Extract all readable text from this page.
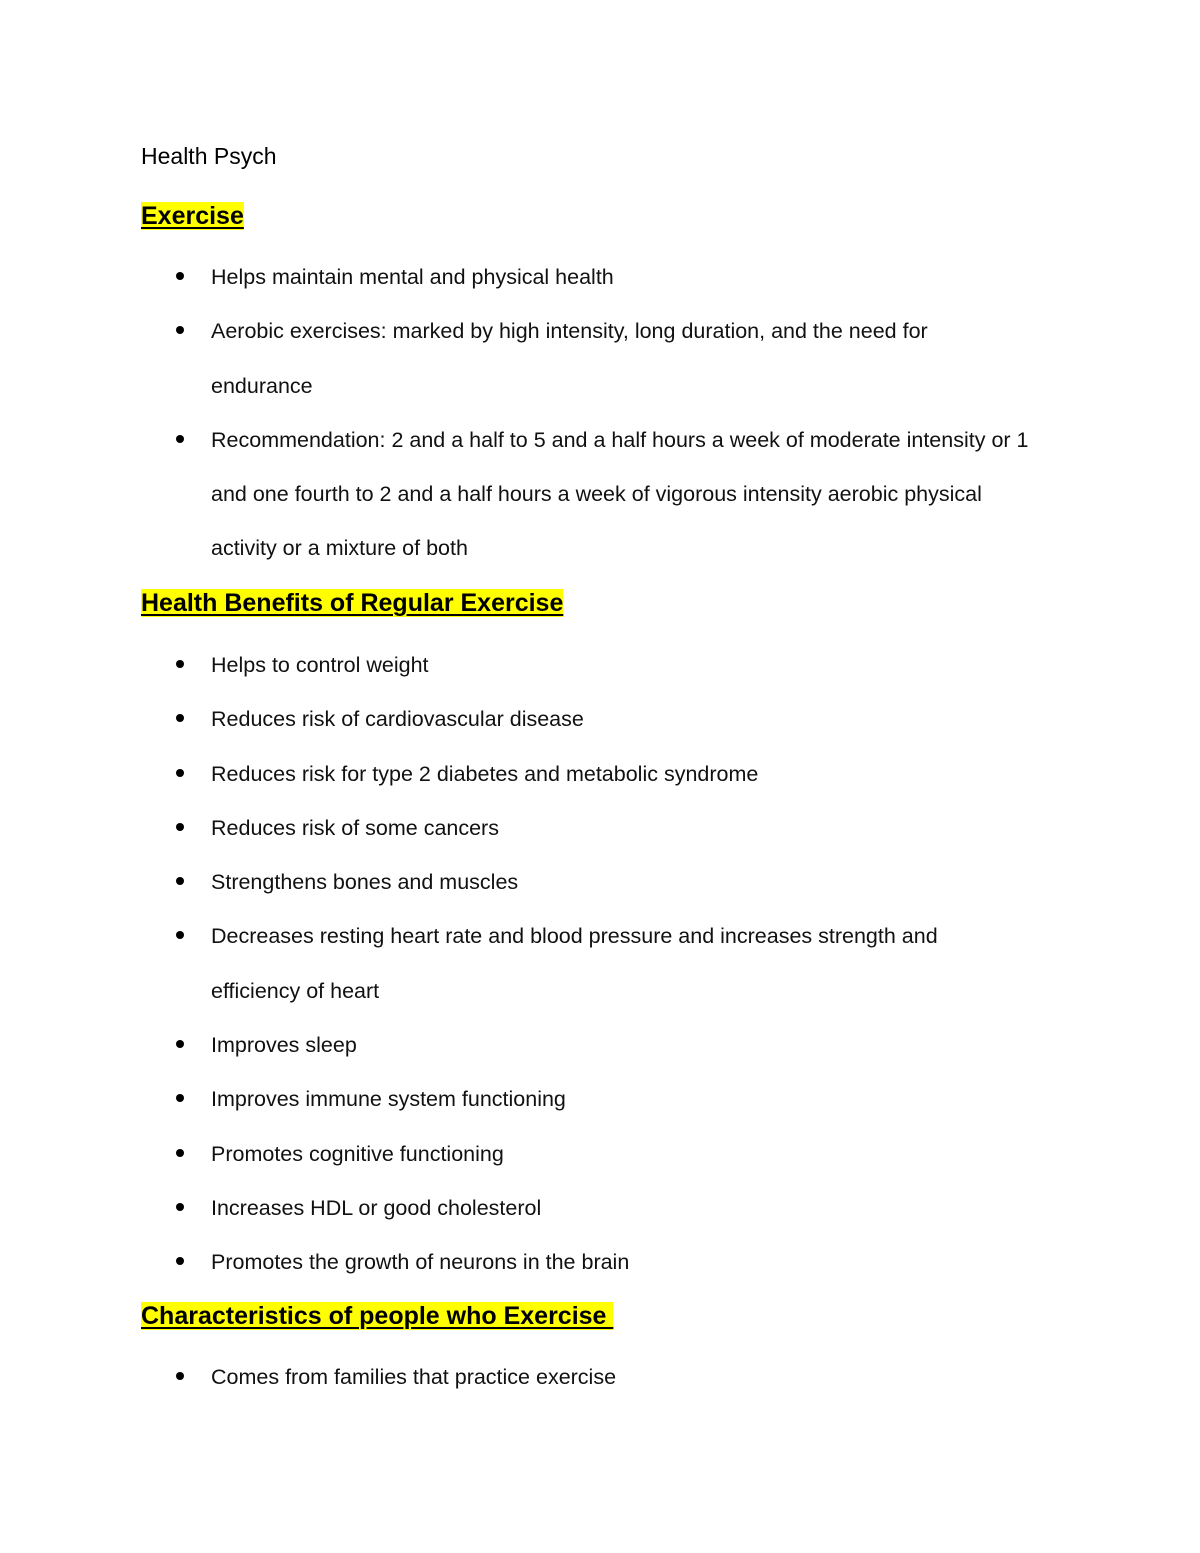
Health Psych
Exercise
Helps maintain mental and physical health
Aerobic exercises: marked by high intensity, long duration, and the need for endurance
Recommendation: 2 and a half to 5 and a half hours a week of moderate intensity or 1 and one fourth to 2 and a half hours a week of vigorous intensity aerobic physical activity or a mixture of both
Health Benefits of Regular Exercise
Helps to control weight
Reduces risk of cardiovascular disease
Reduces risk for type 2 diabetes and metabolic syndrome
Reduces risk of some cancers
Strengthens bones and muscles
Decreases resting heart rate and blood pressure and increases strength and efficiency of heart
Improves sleep
Improves immune system functioning
Promotes cognitive functioning
Increases HDL or good cholesterol
Promotes the growth of neurons in the brain
Characteristics of people who Exercise
Comes from families that practice exercise
